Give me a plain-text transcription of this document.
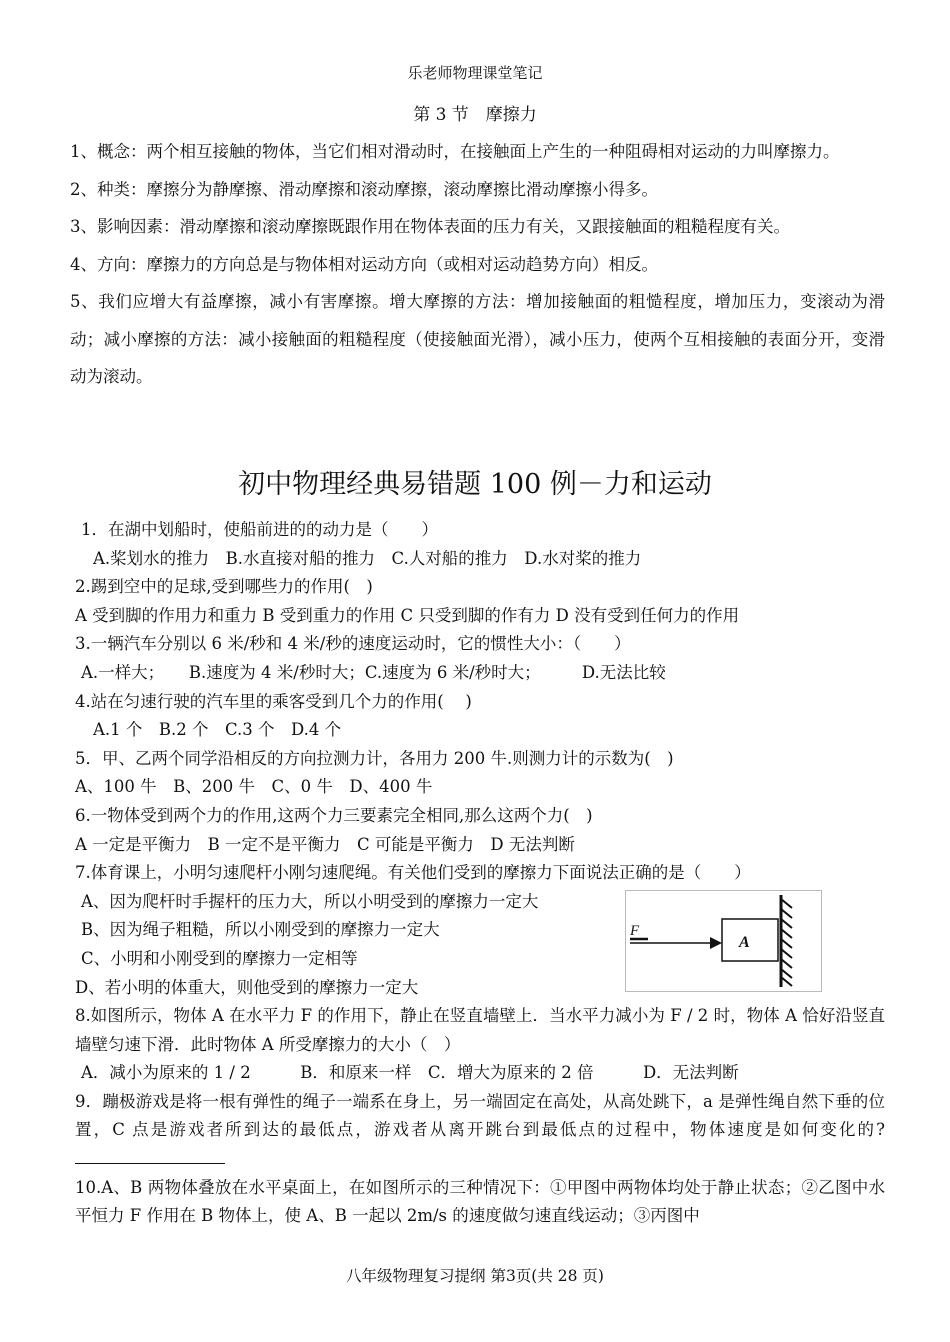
乐老师物理课堂笔记
第 3 节　摩擦力

1、概念：两个相互接触的物体，当它们相对滑动时，在接触面上产生的一种阻碍相对运动的力叫摩擦力。

2、种类：摩擦分为静摩擦、滑动摩擦和滚动摩擦，滚动摩擦比滑动摩擦小得多。

3、影响因素：滑动摩擦和滚动摩擦既跟作用在物体表面的压力有关，又跟接触面的粗糙程度有关。

4、方向：摩擦力的方向总是与物体相对运动方向（或相对运动趋势方向）相反。

5、我们应增大有益摩擦，减小有害摩擦。增大摩擦的方法：增加接触面的粗慥程度，增加压力，变滚动为滑动；减小摩擦的方法：减小接触面的粗糙程度（使接触面光滑），减小压力，使两个互相接触的表面分开，变滑动为滚动。

初中物理经典易错题 100 例－力和运动

1．在湖中划船时，使船前进的的动力是（　　）

A.桨划水的推力　B.水直接对船的推力　C.人对船的推力　D.水对桨的推力

2.踢到空中的足球,受到哪些力的作用(　)

A 受到脚的作用力和重力 B 受到重力的作用 C 只受到脚的作有力 D 没有受到任何力的作用

3.一辆汽车分别以 6 米/秒和 4 米/秒的速度运动时，它的惯性大小：（　　）

A.一样大；　　B.速度为 4 米/秒时大；C.速度为 6 米/秒时大；　　　D.无法比较

4.站在匀速行驶的汽车里的乘客受到几个力的作用(　 )

A.1 个　B.2 个　C.3 个　D.4 个

5．甲、乙两个同学沿相反的方向拉测力计，各用力 200 牛.则测力计的示数为(　)

A、100 牛　B、200 牛　C、0 牛　D、400 牛

6.一物体受到两个力的作用,这两个力三要素完全相同,那么这两个力(　)

A 一定是平衡力　B 一定不是平衡力　C 可能是平衡力　D 无法判断

7.体育课上，小明匀速爬杆小刚匀速爬绳。有关他们受到的摩擦力下面说法正确的是（　　）

A、因为爬杆时手握杆的压力大，所以小明受到的摩擦力一定大

B、因为绳子粗糙，所以小刚受到的摩擦力一定大

C、小明和小刚受到的摩擦力一定相等

D、若小明的体重大，则他受到的摩擦力一定大

8.如图所示，物体 A 在水平力 F 的作用下，静止在竖直墙壁上．当水平力减小为 F / 2 时，物体 A 恰好沿竖直墙壁匀速下滑．此时物体 A 所受摩擦力的大小（　）

A．减小为原来的 1 / 2　　　B．和原来一样　C．增大为原来的 2 倍　　　D．无法判断

9．蹦极游戏是将一根有弹性的绳子一端系在身上，另一端固定在高处，从高处跳下，a 是弹性绳自然下垂的位置，C 点是游戏者所到达的最低点，游戏者从离开跳台到最低点的过程中，物体速度是如何变化的?

10.A、B 两物体叠放在水平桌面上，在如图所示的三种情况下：①甲图中两物体均处于静止状态；②乙图中水平恒力 F 作用在 B 物体上，使 A、B 一起以 2m/s 的速度做匀速直线运动；③丙图中

F
A
八年级物理复习提纲 第3页(共 28 页)
